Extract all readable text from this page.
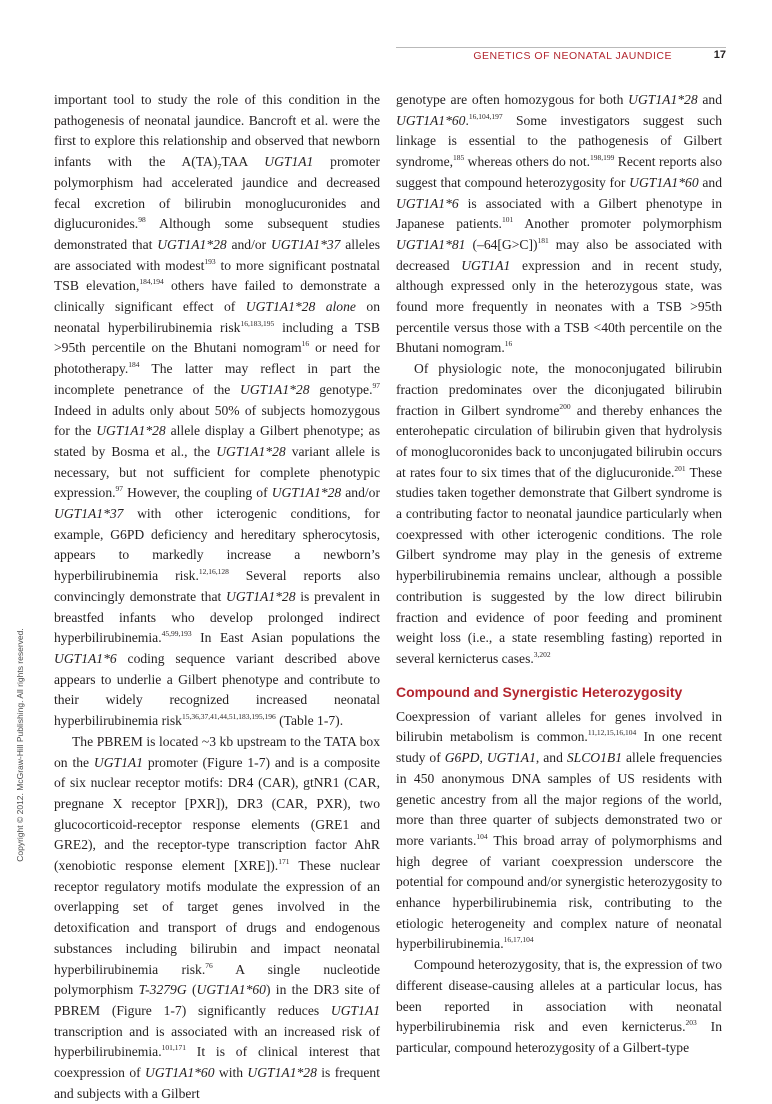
GENETICS OF NEONATAL JAUNDICE	17
Copyright © 2012. McGraw-Hill Publishing. All rights reserved.

important tool to study the role of this condition in the pathogenesis of neonatal jaundice. Bancroft et al. were the first to explore this relationship and observed that newborn infants with the $A(TA)_7TAA$ UGT1A1 promoter polymorphism had accelerated jaundice and decreased fecal excretion of bilirubin monoglucuronides and diglucuronides.$^{98}$ Although some subsequent studies demonstrated that UGT1A1*28 and/or UGT1A1*37 alleles are associated with modest$^{193}$ to more significant postnatal TSB elevation,$^{184,194}$ others have failed to demonstrate a clinically significant effect of UGT1A1*28 alone on neonatal hyperbilirubinemia risk$^{16,183,195}$ including a TSB >95th percentile on the Bhutani nomogram$^{16}$ or need for phototherapy.$^{184}$ The latter may reflect in part the incomplete penetrance of the UGT1A1*28 genotype.$^{97}$ Indeed in adults only about 50% of subjects homozygous for the UGT1A1*28 allele display a Gilbert phenotype; as stated by Bosma et al., the UGT1A1*28 variant allele is necessary, but not sufficient for complete phenotypic expression.$^{97}$ However, the coupling of UGT1A1*28 and/or UGT1A1*37 with other icterogenic conditions, for example, G6PD deficiency and hereditary spherocytosis, appears to markedly increase a newborn’s hyperbilirubinemia risk.$^{12,16,128}$ Several reports also convincingly demonstrate that UGT1A1*28 is prevalent in breastfed infants who develop prolonged indirect hyperbilirubinemia.$^{45,99,193}$ In East Asian populations the UGT1A1*6 coding sequence variant described above appears to underlie a Gilbert phenotype and contribute to their widely recognized increased neonatal hyperbilirubinemia risk$^{15,36,37,41,44,51,183,195,196}$ (Table 1-7).

The PBREM is located ~3 kb upstream to the TATA box on the UGT1A1 promoter (Figure 1-7) and is a composite of six nuclear receptor motifs: DR4 (CAR), gtNR1 (CAR, pregnane X receptor [PXR]), DR3 (CAR, PXR), two glucocorticoid-receptor response elements (GRE1 and GRE2), and the receptor-type transcription factor AhR (xenobiotic response element [XRE]).$^{171}$ These nuclear receptor regulatory motifs modulate the expression of an overlapping set of target genes involved in the detoxification and transport of drugs and endogenous substances including bilirubin and impact neonatal hyperbilirubinemia risk.$^{76}$ A single nucleotide polymorphism T-3279G (UGT1A1*60) in the DR3 site of PBREM (Figure 1-7) significantly reduces UGT1A1 transcription and is associated with an increased risk of hyperbilirubinemia.$^{101,171}$ It is of clinical interest that coexpression of UGT1A1*60 with UGT1A1*28 is frequent and subjects with a Gilbert

genotype are often homozygous for both UGT1A1*28 and UGT1A1*60.$^{16,104,197}$ Some investigators suggest such linkage is essential to the pathogenesis of Gilbert syndrome,$^{185}$ whereas others do not.$^{198,199}$ Recent reports also suggest that compound heterozygosity for UGT1A1*60 and UGT1A1*6 is associated with a Gilbert phenotype in Japanese patients.$^{101}$ Another promoter polymorphism UGT1A1*81 (–64[G>C])$^{181}$ may also be associated with decreased UGT1A1 expression and in recent study, although expressed only in the heterozygous state, was found more frequently in neonates with a TSB >95th percentile versus those with a TSB <40th percentile on the Bhutani nomogram.$^{16}$

Of physiologic note, the monoconjugated bilirubin fraction predominates over the diconjugated bilirubin fraction in Gilbert syndrome$^{200}$ and thereby enhances the enterohepatic circulation of bilirubin given that hydrolysis of monoglucoronides back to unconjugated bilirubin occurs at rates four to six times that of the diglucuronide.$^{201}$ These studies taken together demonstrate that Gilbert syndrome is a contributing factor to neonatal jaundice particularly when coexpressed with other icterogenic conditions. The role Gilbert syndrome may play in the genesis of extreme hyperbilirubinemia remains unclear, although a possible contribution is suggested by the low direct bilirubin fraction and evidence of poor feeding and prominent weight loss (i.e., a state resembling fasting) reported in several kernicterus cases.$^{3,202}$

Compound and Synergistic Heterozygosity

Coexpression of variant alleles for genes involved in bilirubin metabolism is common.$^{11,12,15,16,104}$ In one recent study of G6PD, UGT1A1, and SLCO1B1 allele frequencies in 450 anonymous DNA samples of US residents with genetic ancestry from all the major regions of the world, more than three quarter of subjects demonstrated two or more variants.$^{104}$ This broad array of polymorphisms and high degree of variant coexpression underscore the potential for compound and/or synergistic heterozygosity to enhance hyperbilirubinemia risk, contributing to the etiologic heterogeneity and complex nature of neonatal hyperbilirubinemia.$^{16,17,104}$

Compound heterozygosity, that is, the expression of two different disease-causing alleles at a particular locus, has been reported in association with neonatal hyperbilirubinemia risk and even kernicterus.$^{203}$ In particular, compound heterozygosity of a Gilbert-type
